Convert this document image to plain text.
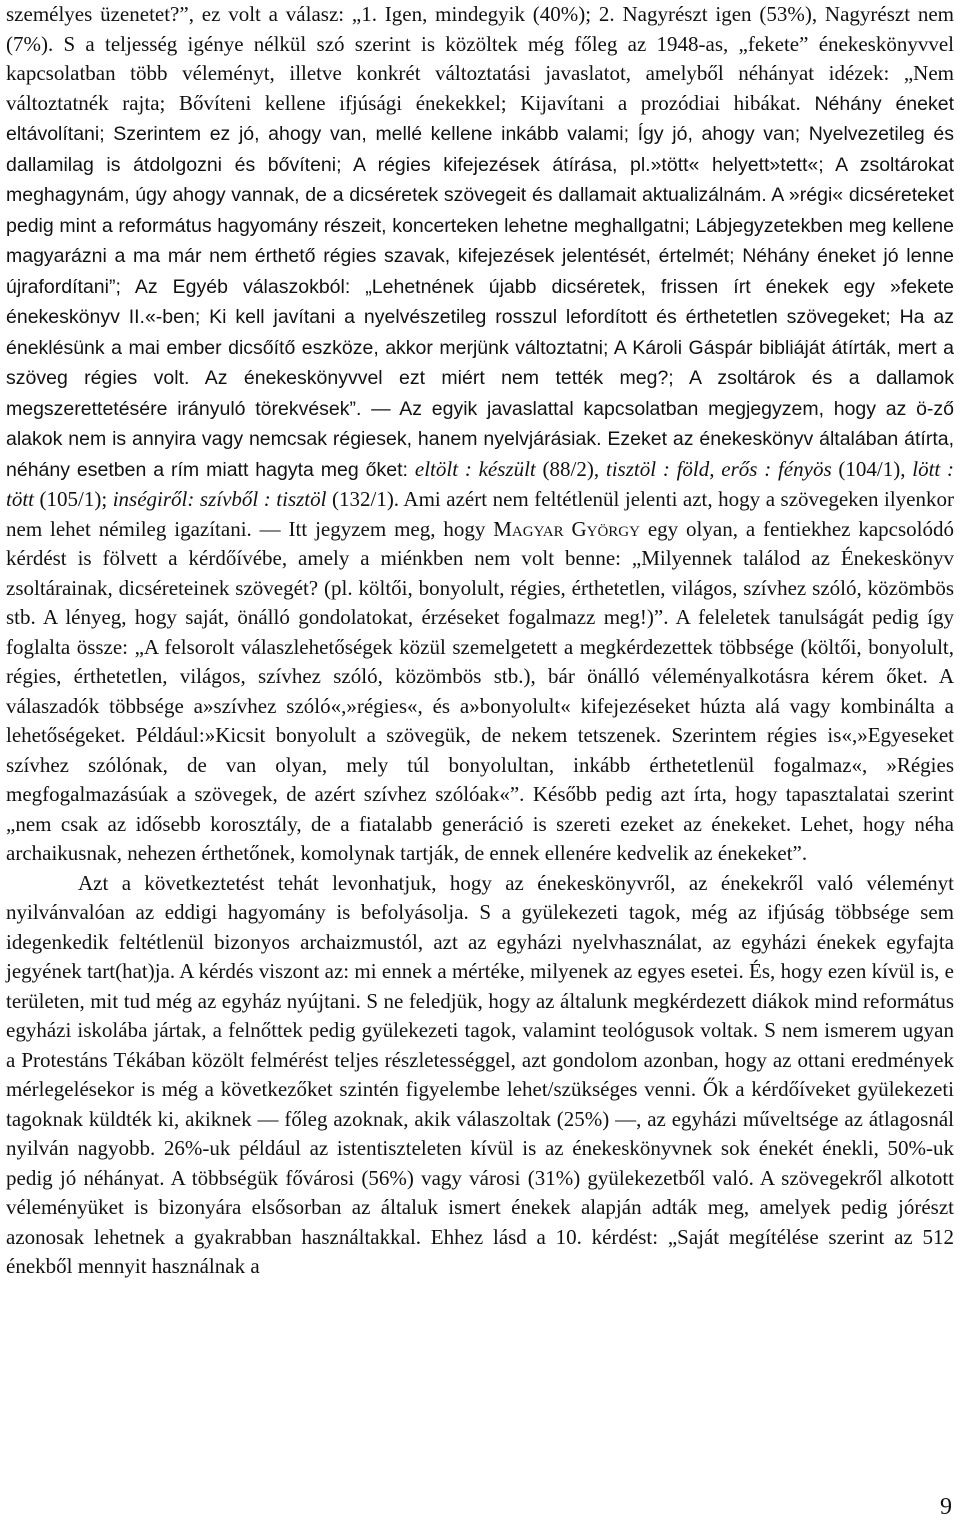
személyes üzenetet?”, ez volt a válasz: „1. Igen, mindegyik (40%); 2. Nagyrészt igen (53%), Nagyrészt nem (7%). S a teljesség igénye nélkül szó szerint is közöltek még főleg az 1948-as, „fekete” énekeskönyvvel kapcsolatban több véleményt, illetve konkrét változtatási javaslatot, amelyből néhányat idézek: „Nem változtatnék rajta; Bővíteni kellene ifjúsági énekekkel; Kijavítani a prozódiai hibákat. Néhány éneket eltávolítani; Szerintem ez jó, ahogy van, mellé kellene inkább valami; Így jó, ahogy van; Nyelvezetileg és dallamilag is átdolgozni és bővíteni; A régies kifejezések átírása, pl.»tött« helyett»tett«; A zsoltárokat meghagynám, úgy ahogy vannak, de a dicséretek szövegeit és dallamait aktualizálnám. A »régi« dicséreteket pedig mint a református hagyomány részeit, koncerteken lehetne meghallgatni; Lábjegyzetekben meg kellene magyarázni a ma már nem érthető régies szavak, kifejezések jelentését, értelmét; Néhány éneket jó lenne újrafordítani”; Az Egyéb válaszokból: „Lehetnének újabb dicséretek, frissen írt énekek egy »fekete énekeskönyv II.«-ben; Ki kell javítani a nyelvészetileg rosszul lefordított és érthetetlen szövegeket; Ha az éneklésünk a mai ember dicsőítő eszköze, akkor merjünk változtatni; A Károli Gáspár bibliáját átírták, mert a szöveg régies volt. Az énekeskönyvvel ezt miért nem tették meg?; A zsoltárok és a dallamok megszerettetésére irányuló törekvések”. — Az egyik javaslattal kapcsolatban megjegyzem, hogy az ö-ző alakok nem is annyira vagy nemcsak régiesek, hanem nyelvjárásiak. Ezeket az énekeskönyv általában átírta, néhány esetben a rím miatt hagyta meg őket: eltölt : készült (88/2), tisztöl : föld, erős : fényös (104/1), lött : tött (105/1); inségiről: szívből : tisztöl (132/1). Ami azért nem feltétlenül jelenti azt, hogy a szövegeken ilyenkor nem lehet némileg igazítani. — Itt jegyzem meg, hogy Magyar György egy olyan, a fentiekhez kapcsolódó kérdést is fölvett a kérdőívébe, amely a miénkben nem volt benne: „Milyennek találod az Énekeskönyv zsoltárainak, dicséreteinek szövegét? (pl. költői, bonyolult, régies, érthetetlen, világos, szívhez szóló, közömbös stb. A lényeg, hogy saját, önálló gondolatokat, érzéseket fogalmazz meg!)”. A feleletek tanulságát pedig így foglalta össze: „A felsorolt válaszlehetőségek közül szemelgetett a megkérdezettek többsége (költői, bonyolult, régies, érthetetlen, világos, szívhez szóló, közömbös stb.), bár önálló véleményalkotásra kérem őket. A válaszadók többsége a»szívhez szóló«,»régies«, és a»bonyolult« kifejezéseket húzta alá vagy kombinálta a lehetőségeket. Például:»Kicsit bonyolult a szövegük, de nekem tetszenek. Szerintem régies is«,»Egyeseket szívhez szólónak, de van olyan, mely túl bonyolultan, inkább érthetetlenül fogalmaz«, »Régies megfogalmazásúak a szövegek, de azért szívhez szólóak«”. Később pedig azt írta, hogy tapasztalatai szerint „nem csak az idősebb korosztály, de a fiatalabb generáció is szereti ezeket az énekeket. Lehet, hogy néha archaikusnak, nehezen érthetőnek, komolynak tartják, de ennek ellenére kedvelik az énekeket”.

Azt a következtetést tehát levonhatjuk, hogy az énekeskönyvről, az énekekről való véleményt nyilvánvalóan az eddigi hagyomány is befolyásolja. S a gyülekezeti tagok, még az ifjúság többsége sem idegenkedik feltétlenül bizonyos archaizmustól, azt az egyházi nyelvhasználat, az egyházi énekek egyfajta jegyének tart(hat)ja. A kérdés viszont az: mi ennek a mértéke, milyenek az egyes esetei. És, hogy ezen kívül is, e területen, mit tud még az egyház nyújtani. S ne feledjük, hogy az általunk megkérdezett diákok mind református egyházi iskolába jártak, a felnőttek pedig gyülekezeti tagok, valamint teológusok voltak. S nem ismerem ugyan a Protestáns Tékában közölt felmérést teljes részletességgel, azt gondolom azonban, hogy az ottani eredmények mérlegelésekor is még a következőket szintén figyelembe lehet/szükséges venni. Ők a kérdőíveket gyülekezeti tagoknak küldték ki, akiknek — főleg azoknak, akik válaszoltak (25%) —, az egyházi műveltsége az átlagosnál nyilván nagyobb. 26%-uk például az istentiszteleten kívül is az énekeskönyvnek sok énekét énekli, 50%-uk pedig jó néhányat. A többségük fővárosi (56%) vagy városi (31%) gyülekezetből való. A szövegekről alkotott véleményüket is bizonyára elsősorban az általuk ismert énekek alapján adták meg, amelyek pedig jórészt azonosak lehetnek a gyakrabban használtakkal. Ehhez lásd a 10. kérdést: „Saját megítélése szerint az 512 énekből mennyit használnak a

9
